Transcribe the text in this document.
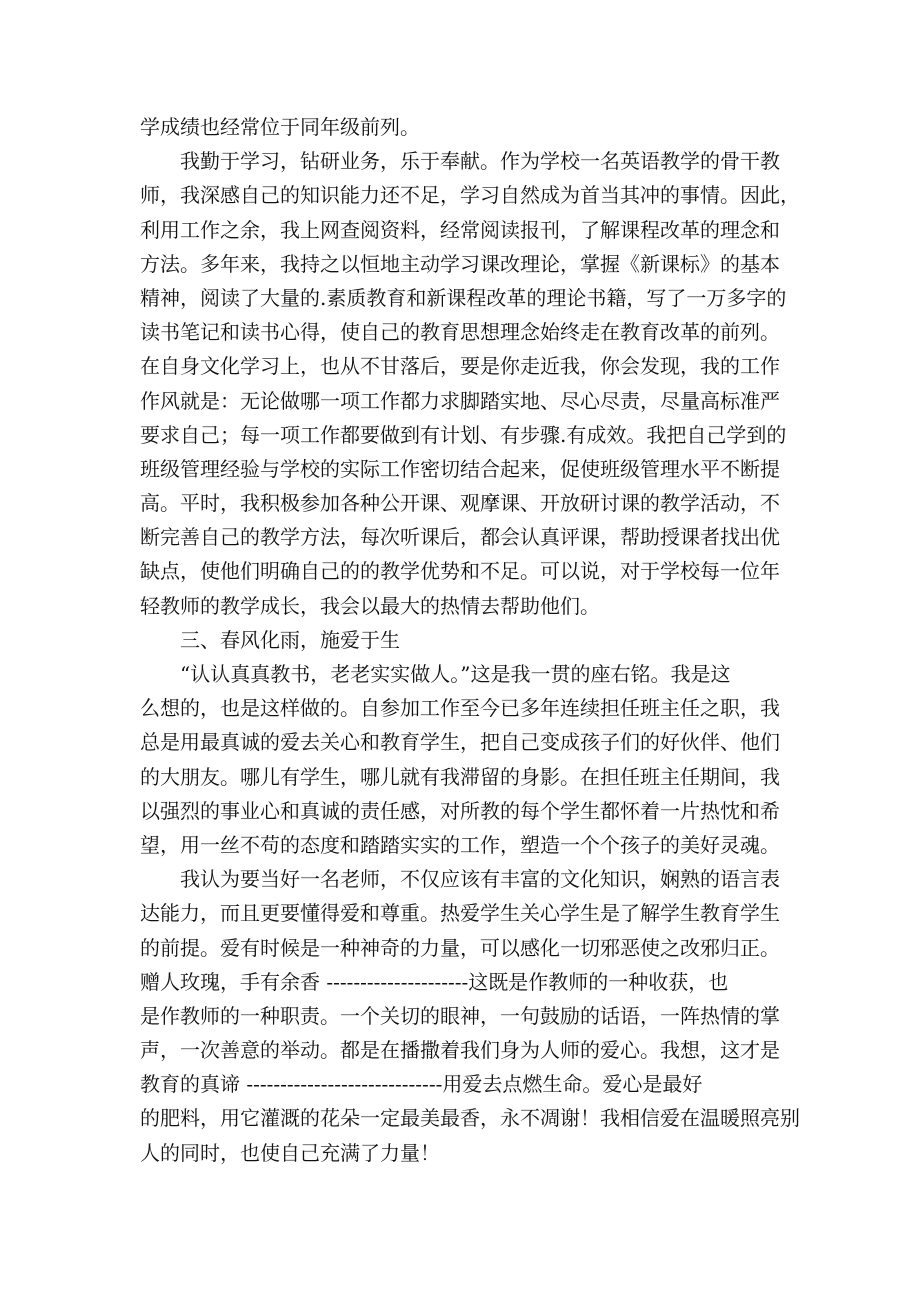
学成绩也经常位于同年级前列。
　　我勤于学习，钻研业务，乐于奉献。作为学校一名英语教学的骨干教
师，我深感自己的知识能力还不足，学习自然成为首当其冲的事情。因此，
利用工作之余，我上网查阅资料，经常阅读报刊，了解课程改革的理念和
方法。多年来，我持之以恒地主动学习课改理论，掌握《新课标》的基本
精神，阅读了大量的.素质教育和新课程改革的理论书籍，写了一万多字的
读书笔记和读书心得，使自己的教育思想理念始终走在教育改革的前列。
在自身文化学习上，也从不甘落后，要是你走近我，你会发现，我的工作
作风就是：无论做哪一项工作都力求脚踏实地、尽心尽责，尽量高标准严
要求自己；每一项工作都要做到有计划、有步骤.有成效。我把自己学到的
班级管理经验与学校的实际工作密切结合起来，促使班级管理水平不断提
高。平时，我积极参加各种公开课、观摩课、开放研讨课的教学活动，不
断完善自己的教学方法，每次听课后，都会认真评课，帮助授课者找出优
缺点，使他们明确自己的的教学优势和不足。可以说，对于学校每一位年
轻教师的教学成长，我会以最大的热情去帮助他们。
　　三、春风化雨，施爱于生
　　“认认真真教书，老老实实做人。”这是我一贯的座右铭。我是这
么想的，也是这样做的。自参加工作至今已多年连续担任班主任之职，我
总是用最真诚的爱去关心和教育学生，把自己变成孩子们的好伙伴、他们
的大朋友。哪儿有学生，哪儿就有我滞留的身影。在担任班主任期间，我
以强烈的事业心和真诚的责任感，对所教的每个学生都怀着一片热忱和希
望，用一丝不苟的态度和踏踏实实的工作，塑造一个个孩子的美好灵魂。
　　我认为要当好一名老师，不仅应该有丰富的文化知识，娴熟的语言表
达能力，而且更要懂得爱和尊重。热爱学生关心学生是了解学生教育学生
的前提。爱有时候是一种神奇的力量，可以感化一切邪恶使之改邪归正。
赠人玫瑰，手有余香 ---------------------这既是作教师的一种收获，也
是作教师的一种职责。一个关切的眼神，一句鼓励的话语，一阵热情的掌
声，一次善意的举动。都是在播撒着我们身为人师的爱心。我想，这才是
教育的真谛 -----------------------------用爱去点燃生命。爱心是最好
的肥料，用它灌溉的花朵一定最美最香，永不凋谢！我相信爱在温暖照亮别
人的同时，也使自己充满了力量！
